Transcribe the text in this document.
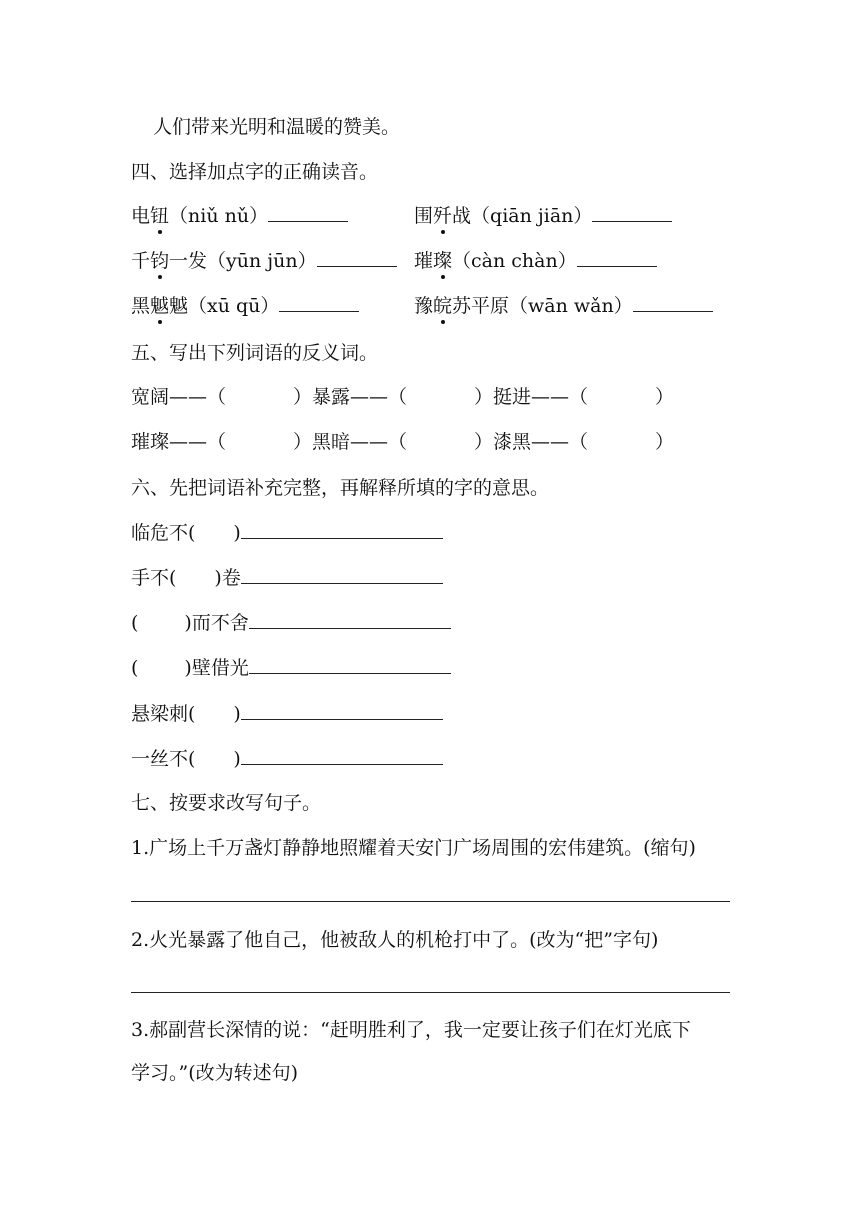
人们带来光明和温暖的赞美。
四、选择加点字的正确读音。
电钮（niǔ nǔ）	围歼战（qiān jiān）
千钧一发（yūn jūn）	璀璨（càn chàn）
黑魆魆（xū qū）	豫皖苏平原（wān wǎn）
五、写出下列词语的反义词。
宽阔——（	）暴露——（	）挺进——（	）
璀璨——（	）黑暗——（	）漆黑——（	）
六、先把词语补充完整，再解释所填的字的意思。
临危不( )
手不( )卷
( )而不舍
( )壁借光
悬梁刺( )
一丝不( )
七、按要求改写句子。
1.广场上千万盏灯静静地照耀着天安门广场周围的宏伟建筑。(缩句)
2.火光暴露了他自己，他被敌人的机枪打中了。(改为“把”字句)
3.郝副营长深情的说：“赶明胜利了，我一定要让孩子们在灯光底下
学习。”(改为转述句)
